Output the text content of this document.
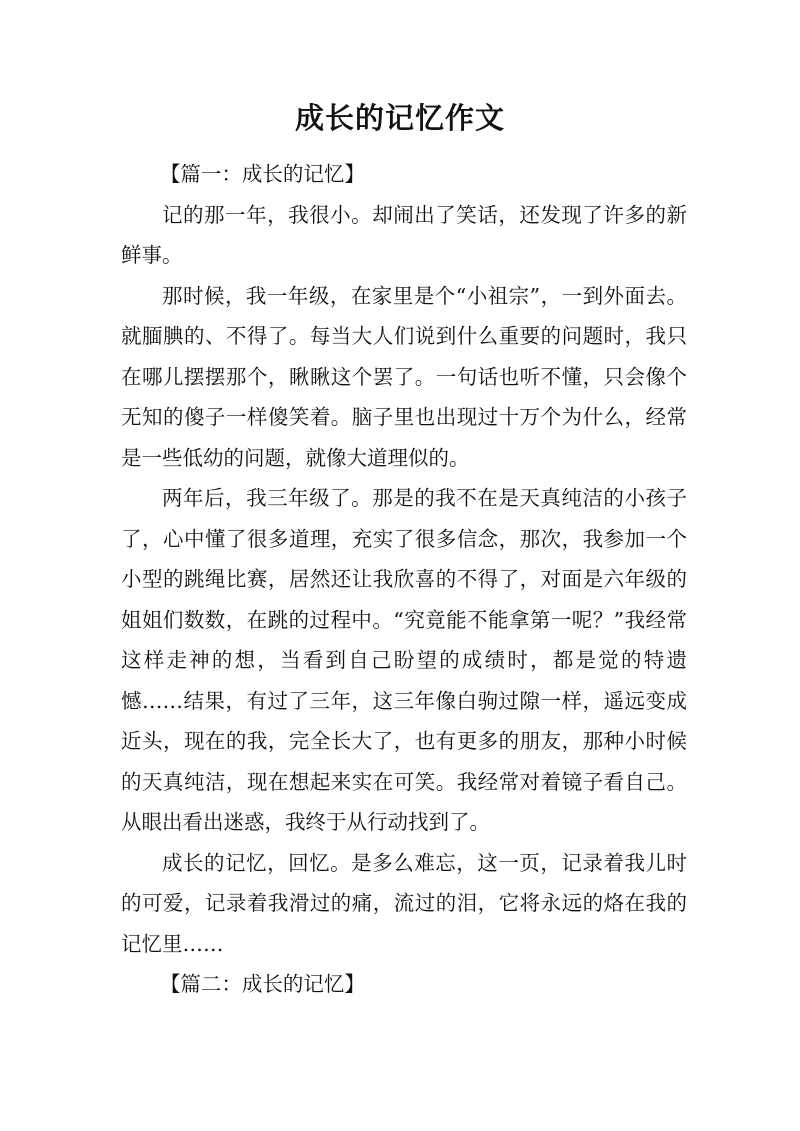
成长的记忆作文

【篇一：成长的记忆】

记的那一年，我很小。却闹出了笑话，还发现了许多的新鲜事。

那时候，我一年级，在家里是个“小祖宗”，一到外面去。就腼腆的、不得了。每当大人们说到什么重要的问题时，我只在哪儿摆摆那个，瞅瞅这个罢了。一句话也听不懂，只会像个无知的傻子一样傻笑着。脑子里也出现过十万个为什么，经常是一些低幼的问题，就像大道理似的。

两年后，我三年级了。那是的我不在是天真纯洁的小孩子了，心中懂了很多道理，充实了很多信念，那次，我参加一个小型的跳绳比赛，居然还让我欣喜的不得了，对面是六年级的姐姐们数数，在跳的过程中。“究竟能不能拿第一呢？”我经常这样走神的想，当看到自己盼望的成绩时，都是觉的特遗憾……结果，有过了三年，这三年像白驹过隙一样，遥远变成近头，现在的我，完全长大了，也有更多的朋友，那种小时候的天真纯洁，现在想起来实在可笑。我经常对着镜子看自己。从眼出看出迷惑，我终于从行动找到了。

成长的记忆，回忆。是多么难忘，这一页，记录着我儿时的可爱，记录着我滑过的痛，流过的泪，它将永远的烙在我的记忆里……

【篇二：成长的记忆】
